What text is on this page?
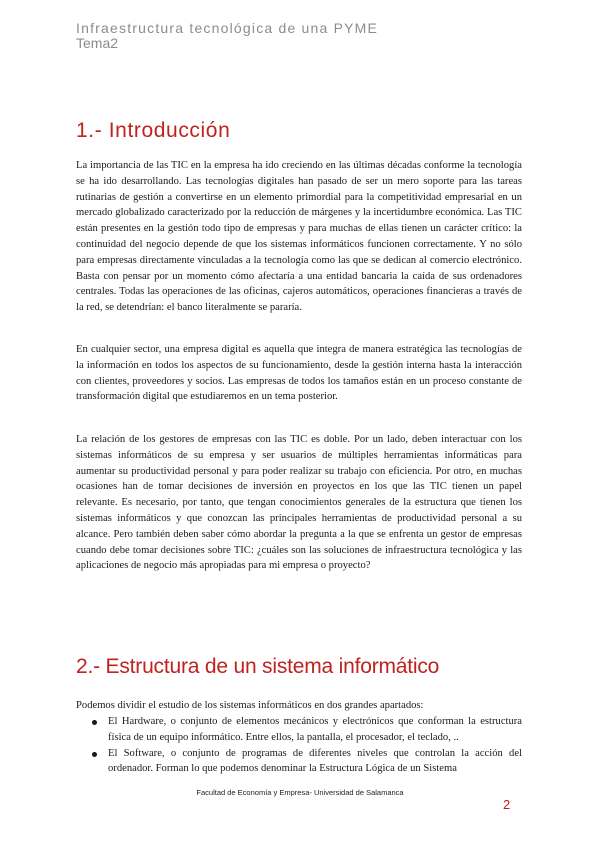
Infraestructura tecnológica de una PYME
Tema2
1.- Introducción

La importancia de las TIC en la empresa ha ido creciendo en las últimas décadas conforme la tecnología se ha ido desarrollando. Las tecnologías digitales han pasado de ser un mero soporte para las tareas rutinarias de gestión a convertirse en un elemento primordial para la competitividad empresarial en un mercado globalizado caracterizado por la reducción de márgenes y la incertidumbre económica. Las TIC están presentes en la gestión todo tipo de empresas y para muchas de ellas tienen un carácter crítico: la continuidad del negocio depende de que los sistemas informáticos funcionen correctamente. Y no sólo para empresas directamente vinculadas a la tecnología como las que se dedican al comercio electrónico. Basta con pensar por un momento cómo afectaría a una entidad bancaria la caída de sus ordenadores centrales. Todas las operaciones de las oficinas, cajeros automáticos, operaciones financieras a través de la red, se detendrían: el banco literalmente se pararía.

En cualquier sector, una empresa digital es aquella que integra de manera estratégica las tecnologías de la información en todos los aspectos de su funcionamiento, desde la gestión interna hasta la interacción con clientes, proveedores y socios. Las empresas de todos los tamaños están en un proceso constante de transformación digital que estudiaremos en un tema posterior.

La relación de los gestores de empresas con las TIC es doble. Por un lado, deben interactuar con los sistemas informáticos de su empresa y ser usuarios de múltiples herramientas informáticas para aumentar su productividad personal y para poder realizar su trabajo con eficiencia. Por otro, en muchas ocasiones han de tomar decisiones de inversión en proyectos en los que las TIC tienen un papel relevante. Es necesario, por tanto, que tengan conocimientos generales de la estructura que tienen los sistemas informáticos y que conozcan las principales herramientas de productividad personal a su alcance. Pero también deben saber cómo abordar la pregunta a la que se enfrenta un gestor de empresas cuando debe tomar decisiones sobre TIC: ¿cuáles son las soluciones de infraestructura tecnológica y las aplicaciones de negocio más apropiadas para mi empresa o proyecto?

2.- Estructura de un sistema informático

Podemos dividir el estudio de los sistemas informáticos en dos grandes apartados:

El Hardware, o conjunto de elementos mecánicos y electrónicos que conforman la estructura física de un equipo informático. Entre ellos, la pantalla, el procesador, el teclado, ..
El Software, o conjunto de programas de diferentes niveles que controlan la acción del ordenador. Forman lo que podemos denominar la Estructura Lógica de un Sistema
Facultad de Economía y Empresa- Universidad de Salamanca
2
